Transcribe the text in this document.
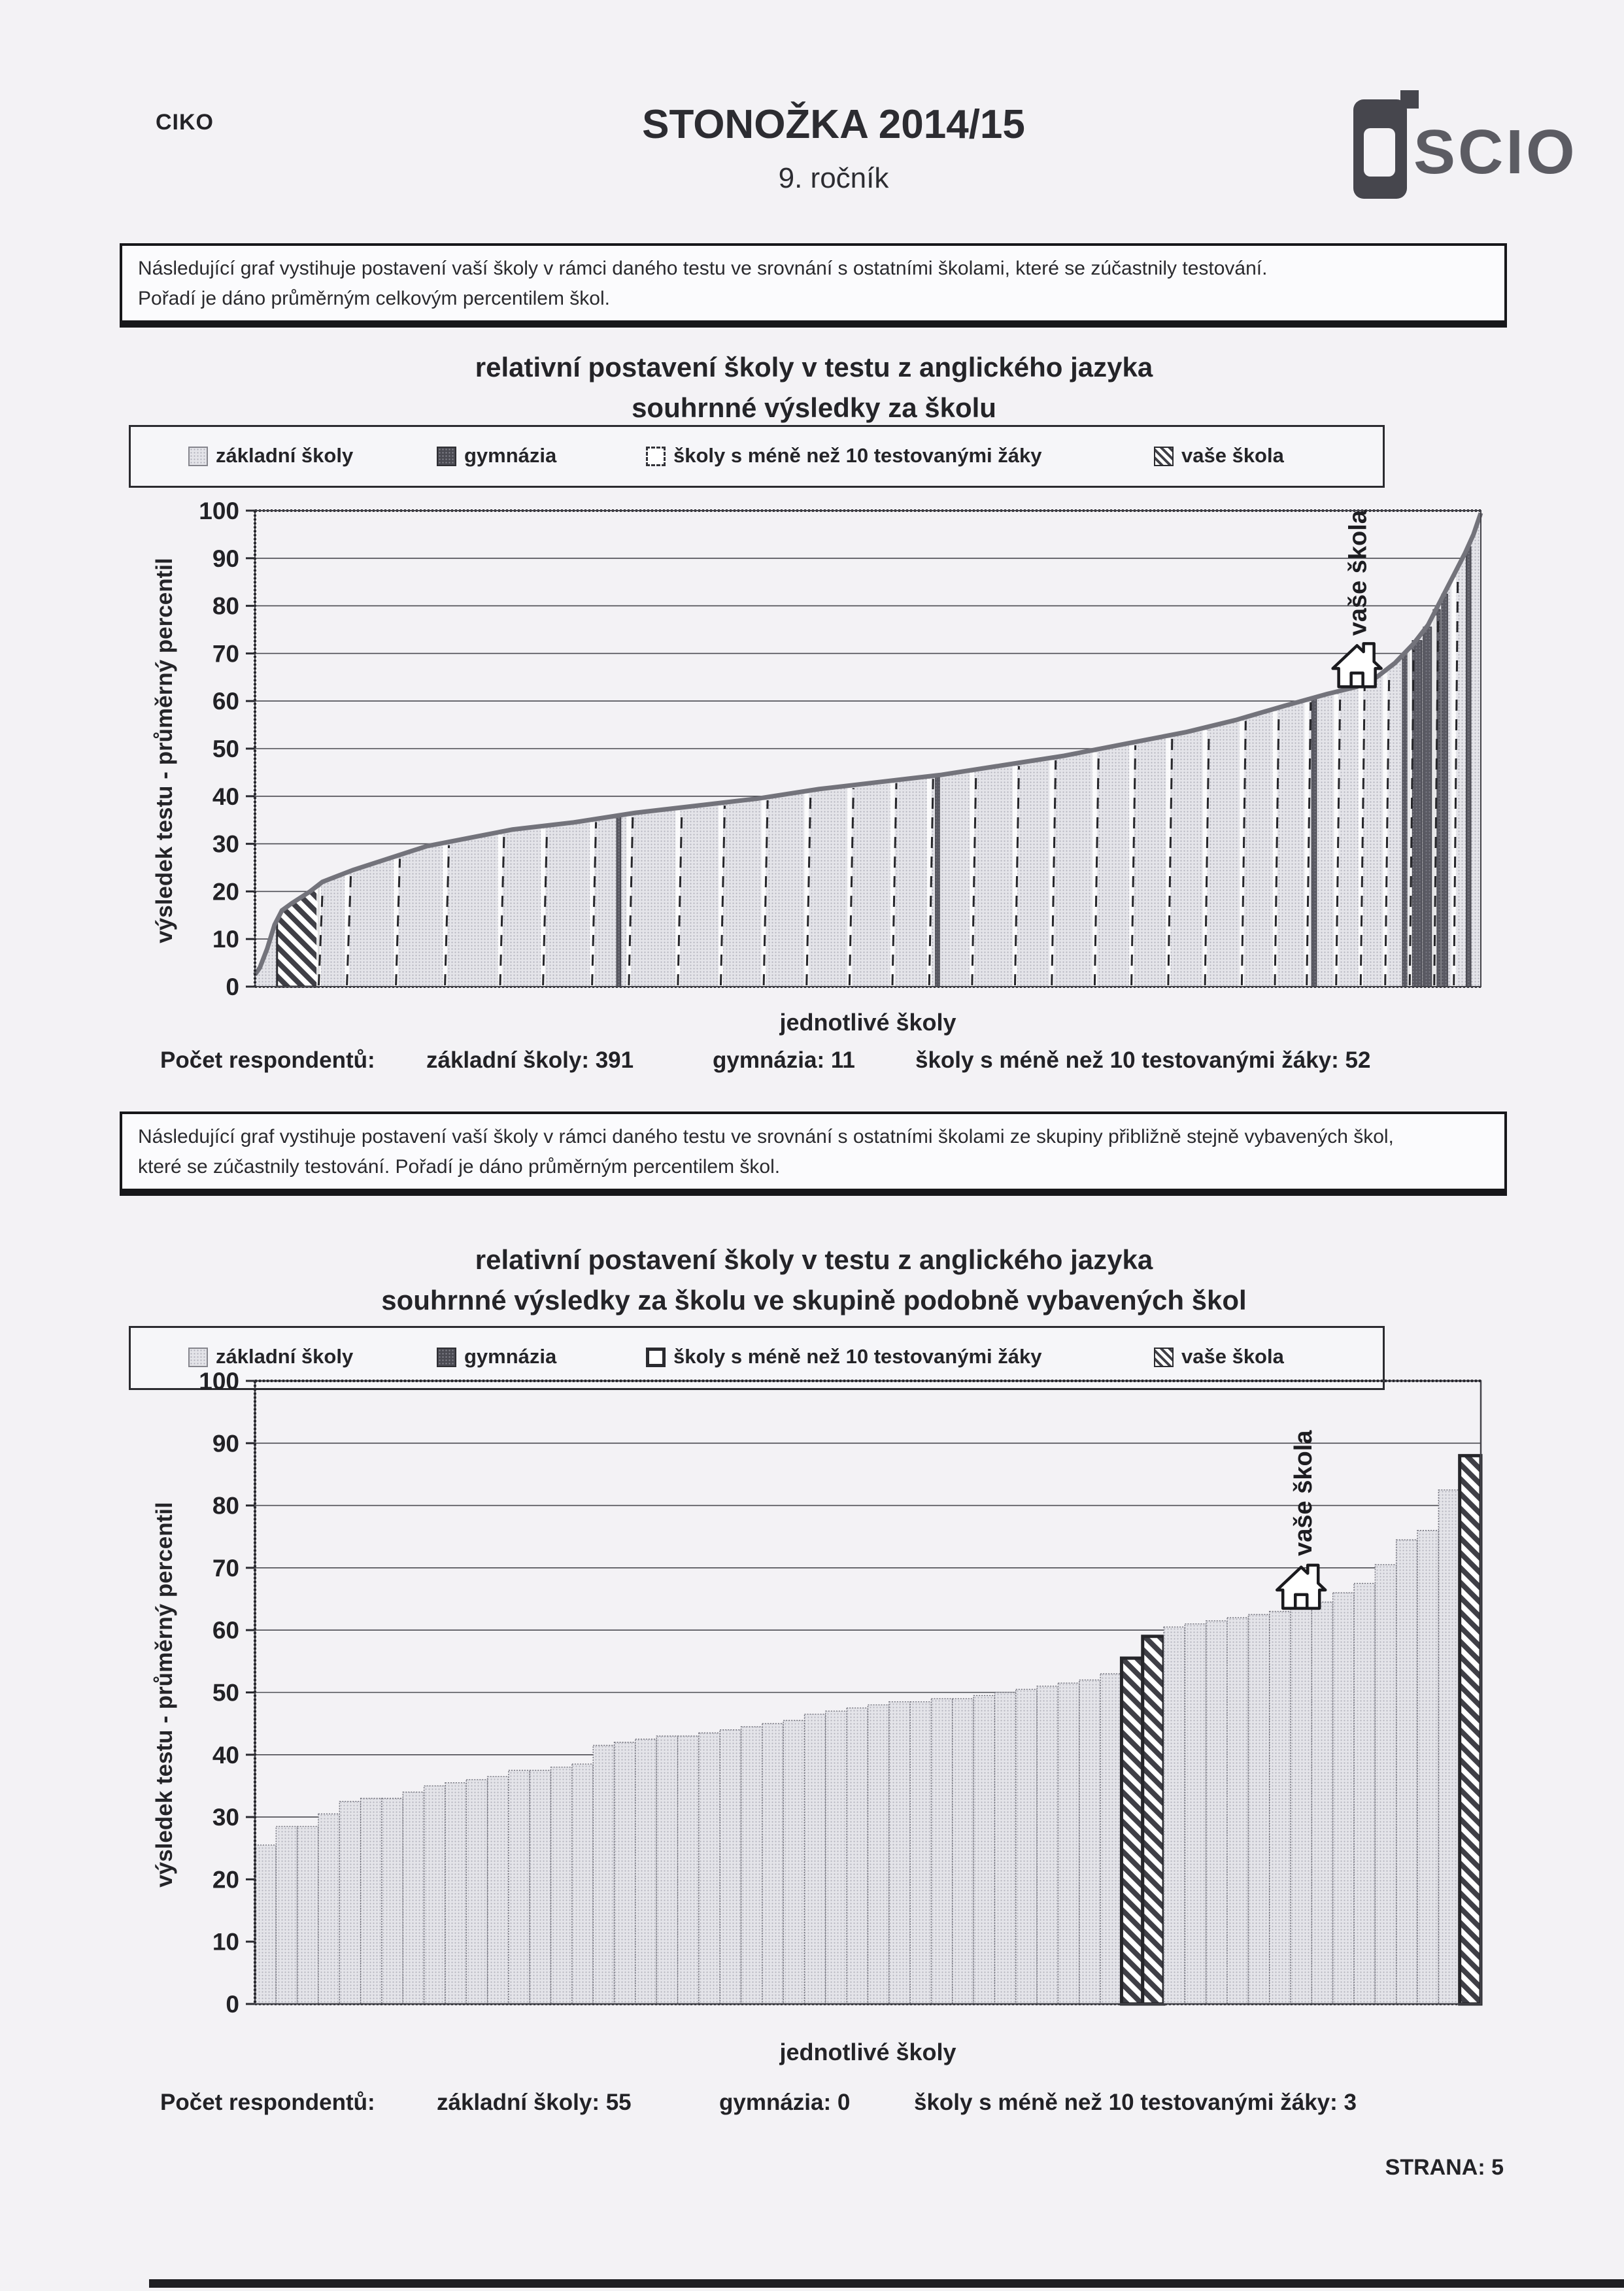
CIKO	STONOŽKA 2014/15
9. ročník	SCIO
Následující graf vystihuje postavení vaší školy v rámci daného testu ve srovnání s ostatními školami, které se zúčastnily testování.
Pořadí je dáno průměrným celkovým percentilem škol.
relativní postavení školy v testu z anglického jazyka
souhrnné výsledky za školu
základní školy	gymnázia	školy s méně než 10 testovanými žáky	vaše škola
100
90
80
70
60
50
40
30
20
10
0
vaše škola
výsledek testu - průměrný percentil
jednotlivé školy
Počet respondentů: základní školy: 391	gymnázia: 11	školy s méně než 10 testovanými žáky: 52
Následující graf vystihuje postavení vaší školy v rámci daného testu ve srovnání s ostatními školami ze skupiny přibližně stejně vybavených škol,
které se zúčastnily testování. Pořadí je dáno průměrným percentilem škol.
relativní postavení školy v testu z anglického jazyka
souhrnné výsledky za školu ve skupině podobně vybavených škol
základní školy	gymnázia	školy s méně než 10 testovanými žáky	vaše škola
100
90
80
70
60
50
40
30
20
10
0
vaše škola
výsledek testu - průměrný percentil
jednotlivé školy
Počet respondentů:	základní školy: 55	gymnázia: 0	školy s méně než 10 testovanými žáky: 3
STRANA: 5
